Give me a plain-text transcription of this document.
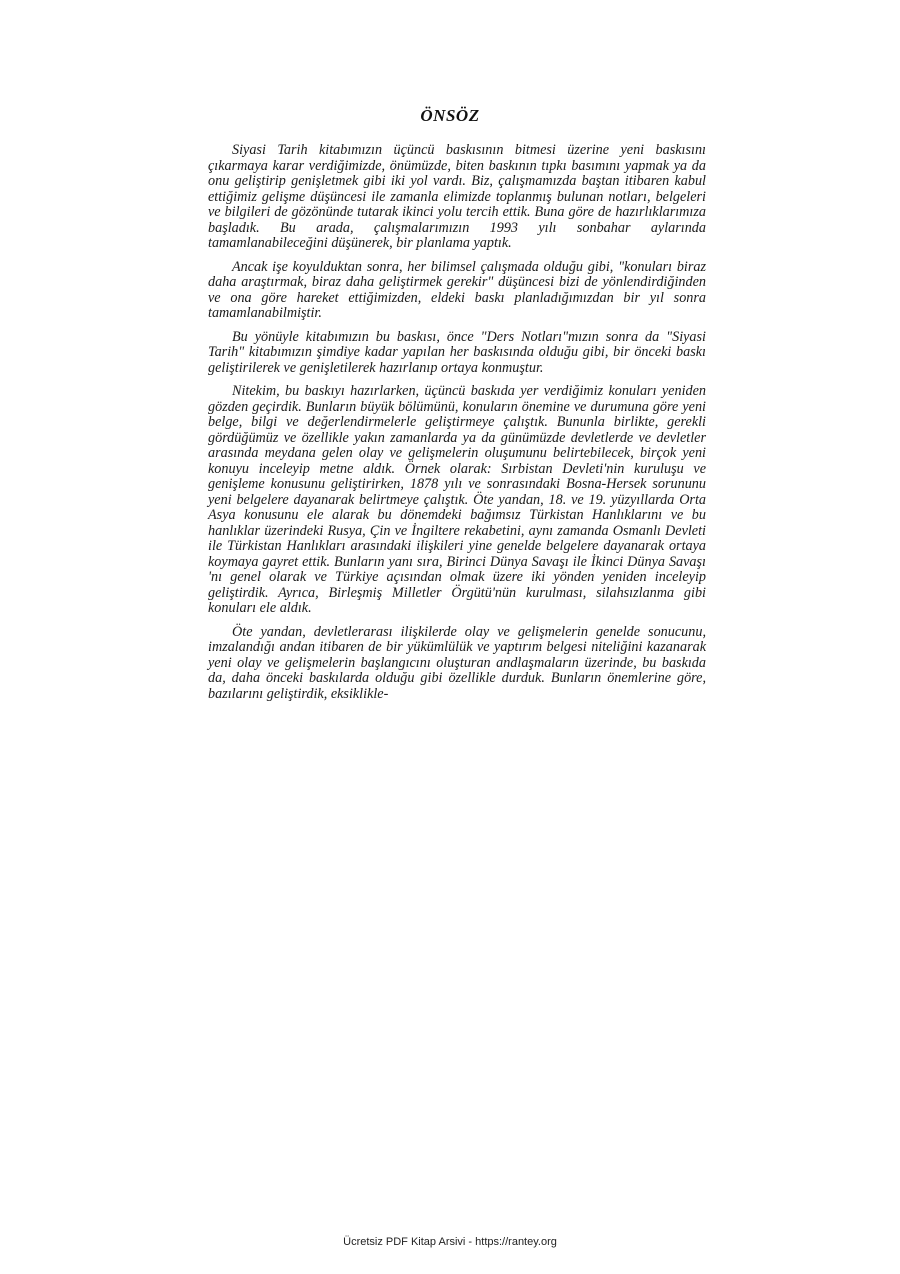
ÖNSÖZ

Siyasi Tarih kitabımızın üçüncü baskısının bitmesi üzerine yeni baskısını çıkarmaya karar verdiğimizde, önümüzde, biten baskının tıpkı basımını yapmak ya da onu geliştirip genişletmek gibi iki yol vardı. Biz, çalışmamızda baştan itibaren kabul ettiğimiz gelişme düşüncesi ile zamanla elimizde toplanmış bulunan notları, belgeleri ve bilgileri de gözönünde tutarak ikinci yolu tercih ettik. Buna göre de hazırlıklarımıza başladık. Bu arada, çalışmalarımızın 1993 yılı sonbahar aylarında tamamlanabileceğini düşünerek, bir planlama yaptık.

Ancak işe koyulduktan sonra, her bilimsel çalışmada olduğu gibi, "konuları biraz daha araştırmak, biraz daha geliştirmek gerekir" düşüncesi bizi de yönlendirdiğinden ve ona göre hareket ettiğimizden, eldeki baskı planladığımızdan bir yıl sonra tamamlanabilmiştir.

Bu yönüyle kitabımızın bu baskısı, önce "Ders Notları"mızın sonra da "Siyasi Tarih" kitabımızın şimdiye kadar yapılan her baskısında olduğu gibi, bir önceki baskı geliştirilerek ve genişletilerek hazırlanıp ortaya konmuştur.

Nitekim, bu baskıyı hazırlarken, üçüncü baskıda yer verdiğimiz konuları yeniden gözden geçirdik. Bunların büyük bölümünü, konuların önemine ve durumuna göre yeni belge, bilgi ve değerlendirmelerle geliştirmeye çalıştık. Bununla birlikte, gerekli gördüğümüz ve özellikle yakın zamanlarda ya da günümüzde devletlerde ve devletler arasında meydana gelen olay ve gelişmelerin oluşumunu belirtebilecek, birçok yeni konuyu inceleyip metne aldık. Örnek olarak: Sırbistan Devleti'nin kuruluşu ve genişleme konusunu geliştirirken, 1878 yılı ve sonrasındaki Bosna-Hersek sorununu yeni belgelere dayanarak belirtmeye çalıştık. Öte yandan, 18. ve 19. yüzyıllarda Orta Asya konusunu ele alarak bu dönemdeki bağımsız Türkistan Hanlıklarını ve bu hanlıklar üzerindeki Rusya, Çin ve İngiltere rekabetini, aynı zamanda Osmanlı Devleti ile Türkistan Hanlıkları arasındaki ilişkileri yine genelde belgelere dayanarak ortaya koymaya gayret ettik. Bunların yanı sıra, Birinci Dünya Savaşı ile İkinci Dünya Savaşı 'nı genel olarak ve Türkiye açısından olmak üzere iki yönden yeniden inceleyip geliştirdik. Ayrıca, Birleşmiş Milletler Örgütü'nün kurulması, silahsızlanma gibi konuları ele aldık.

Öte yandan, devletlerarası ilişkilerde olay ve gelişmelerin genelde sonucunu, imzalandığı andan itibaren de bir yükümlülük ve yaptırım belgesi niteliğini kazanarak yeni olay ve gelişmelerin başlangıcını oluşturan andlaşmaların üzerinde, bu baskıda da, daha önceki baskılarda olduğu gibi özellikle durduk. Bunların önemlerine göre, bazılarını geliştirdik, eksiklikle-

Ücretsiz PDF Kitap Arsivi - https://rantey.org
